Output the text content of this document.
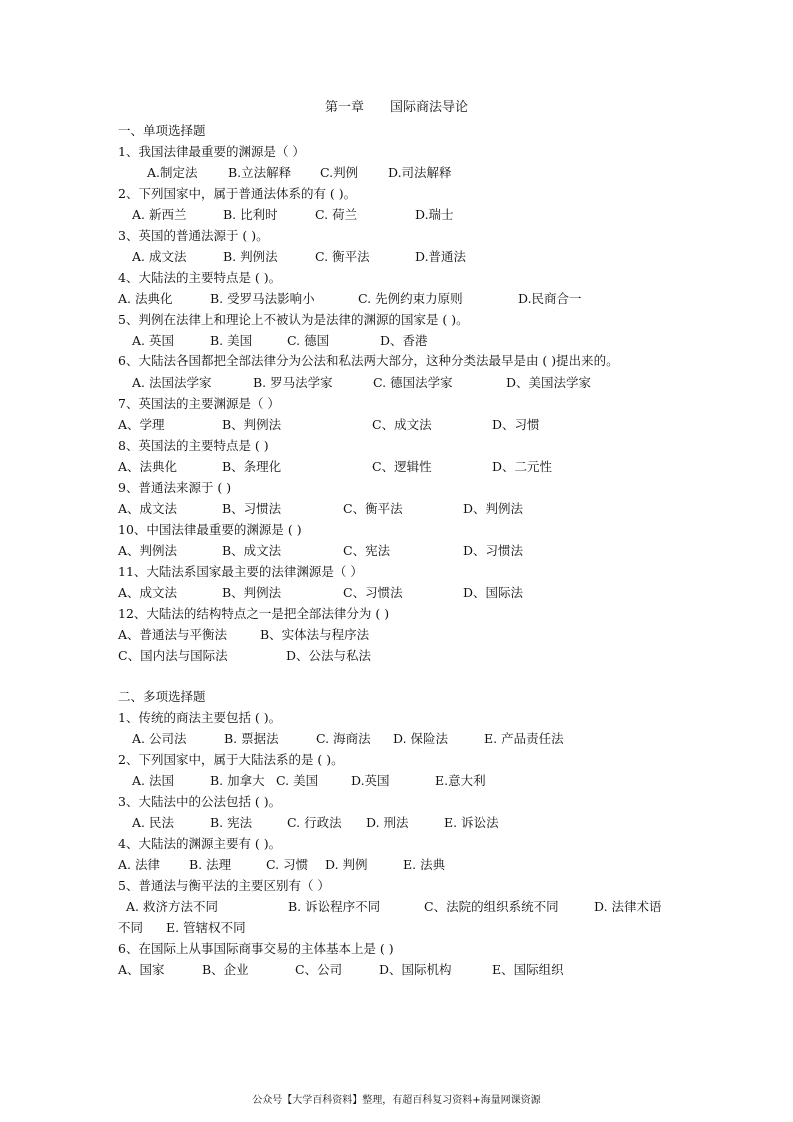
第一章 国际商法导论
一、单项选择题
1、我国法律最重要的渊源是（ ）
A.制定法	B.立法解释	C.判例	D.司法解释
2、下列国家中，属于普通法体系的有 ( )。
A. 新西兰	B. 比利时	C. 荷兰	D.瑞士
3、英国的普通法源于 ( )。
A. 成文法	B. 判例法	C. 衡平法	D.普通法
4、大陆法的主要特点是 ( )。
A. 法典化	B. 受罗马法影响小	C. 先例约束力原则	D.民商合一
5、判例在法律上和理论上不被认为是法律的渊源的国家是 ( )。
A. 英国	B. 美国	C. 德国	D、香港
6、大陆法各国都把全部法律分为公法和私法两大部分，这种分类法最早是由 ( )提出来的。
A. 法国法学家	B. 罗马法学家	C. 德国法学家	D、美国法学家
7、英国法的主要渊源是（ ）
A、学理	B、判例法	C、成文法	D、习惯
8、英国法的主要特点是 ( )
A、法典化	B、条理化	C、逻辑性	D、二元性
9、普通法来源于 ( )
A、成文法	B、习惯法	C、衡平法	D、判例法
10、中国法律最重要的渊源是 ( )
A、判例法	B、成文法	C、宪法	D、习惯法
11、大陆法系国家最主要的法律渊源是（ ）
A、成文法	B、判例法	C、习惯法	D、国际法
12、大陆法的结构特点之一是把全部法律分为 ( )
A、普通法与平衡法	B、实体法与程序法
C、国内法与国际法	D、公法与私法
二、多项选择题
1、传统的商法主要包括 ( )。
A. 公司法	B. 票据法	C. 海商法	D. 保险法	E. 产品责任法
2、下列国家中，属于大陆法系的是 ( )。
A. 法国	B. 加拿大 C. 美国	D.英国	E.意大利
3、大陆法中的公法包括 ( )。
A. 民法	B. 宪法	C. 行政法	D. 刑法	E. 诉讼法
4、大陆法的渊源主要有 ( )。
A. 法律	B. 法理	C. 习惯	D. 判例	E. 法典
5、普通法与衡平法的主要区别有（ ）
A. 救济方法不同	B. 诉讼程序不同	C、法院的组织系统不同	D. 法律术语
不同	E. 管辖权不同
6、在国际上从事国际商事交易的主体基本上是 ( )
A、国家	B、企业	C、公司	D、国际机构	E、国际组织
公众号【大学百科资料】整理，有超百科复习资料+海量网课资源
